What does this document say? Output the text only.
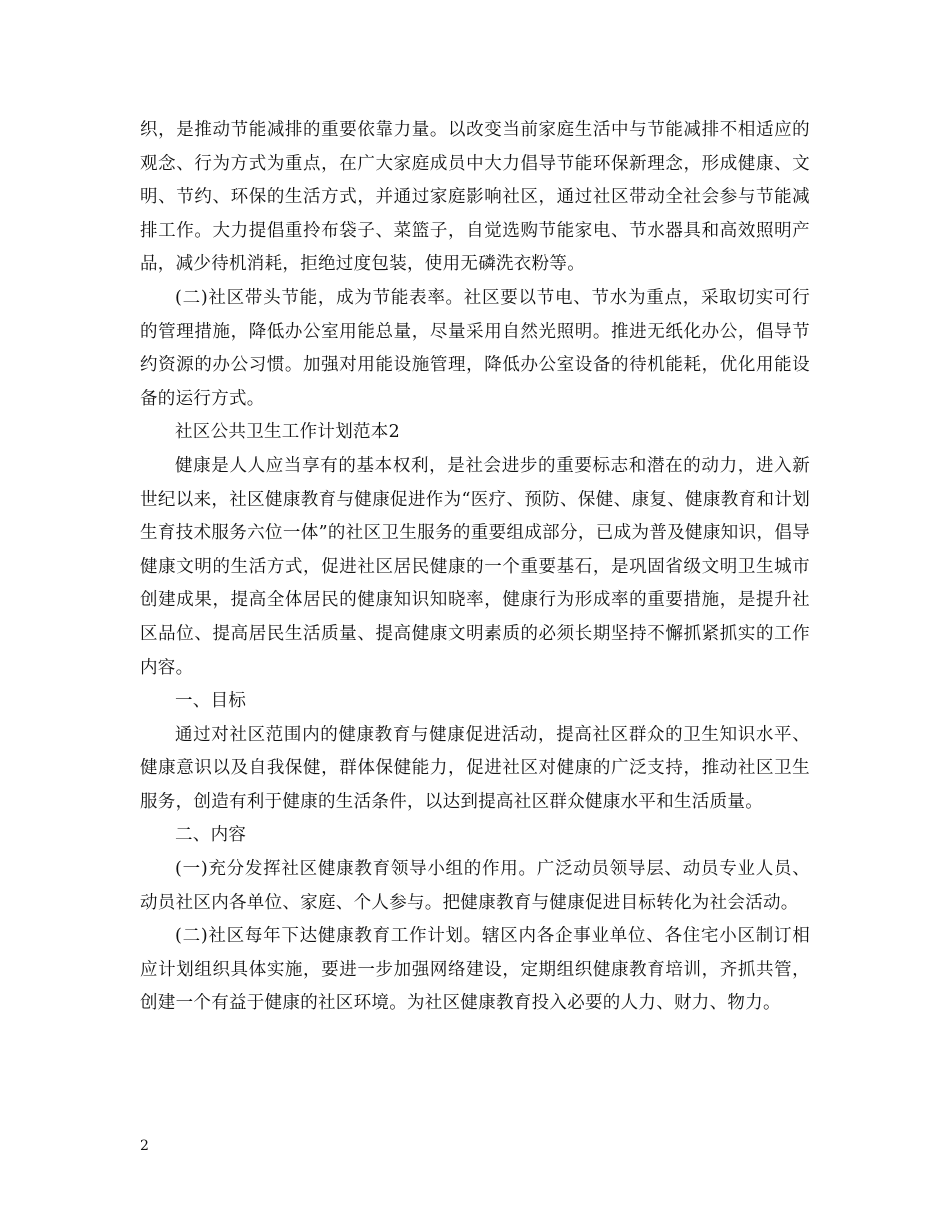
织，是推动节能减排的重要依靠力量。以改变当前家庭生活中与节能减排不相适应的观念、行为方式为重点，在广大家庭成员中大力倡导节能环保新理念，形成健康、文明、节约、环保的生活方式，并通过家庭影响社区，通过社区带动全社会参与节能减排工作。大力提倡重拎布袋子、菜篮子，自觉选购节能家电、节水器具和高效照明产品，减少待机消耗，拒绝过度包装，使用无磷洗衣粉等。

(二)社区带头节能，成为节能表率。社区要以节电、节水为重点，采取切实可行的管理措施，降低办公室用能总量，尽量采用自然光照明。推进无纸化办公，倡导节约资源的办公习惯。加强对用能设施管理，降低办公室设备的待机能耗，优化用能设备的运行方式。

社区公共卫生工作计划范本2

健康是人人应当享有的基本权利，是社会进步的重要标志和潜在的动力，进入新世纪以来，社区健康教育与健康促进作为“医疗、预防、保健、康复、健康教育和计划生育技术服务六位一体”的社区卫生服务的重要组成部分，已成为普及健康知识，倡导健康文明的生活方式，促进社区居民健康的一个重要基石，是巩固省级文明卫生城市创建成果，提高全体居民的健康知识知晓率，健康行为形成率的重要措施，是提升社区品位、提高居民生活质量、提高健康文明素质的必须长期坚持不懈抓紧抓实的工作内容。

一、目标

通过对社区范围内的健康教育与健康促进活动，提高社区群众的卫生知识水平、健康意识以及自我保健，群体保健能力，促进社区对健康的广泛支持，推动社区卫生服务，创造有利于健康的生活条件，以达到提高社区群众健康水平和生活质量。

二、内容

(一)充分发挥社区健康教育领导小组的作用。广泛动员领导层、动员专业人员、动员社区内各单位、家庭、个人参与。把健康教育与健康促进目标转化为社会活动。

(二)社区每年下达健康教育工作计划。辖区内各企事业单位、各住宅小区制订相应计划组织具体实施，要进一步加强网络建设，定期组织健康教育培训，齐抓共管，创建一个有益于健康的社区环境。为社区健康教育投入必要的人力、财力、物力。

2
